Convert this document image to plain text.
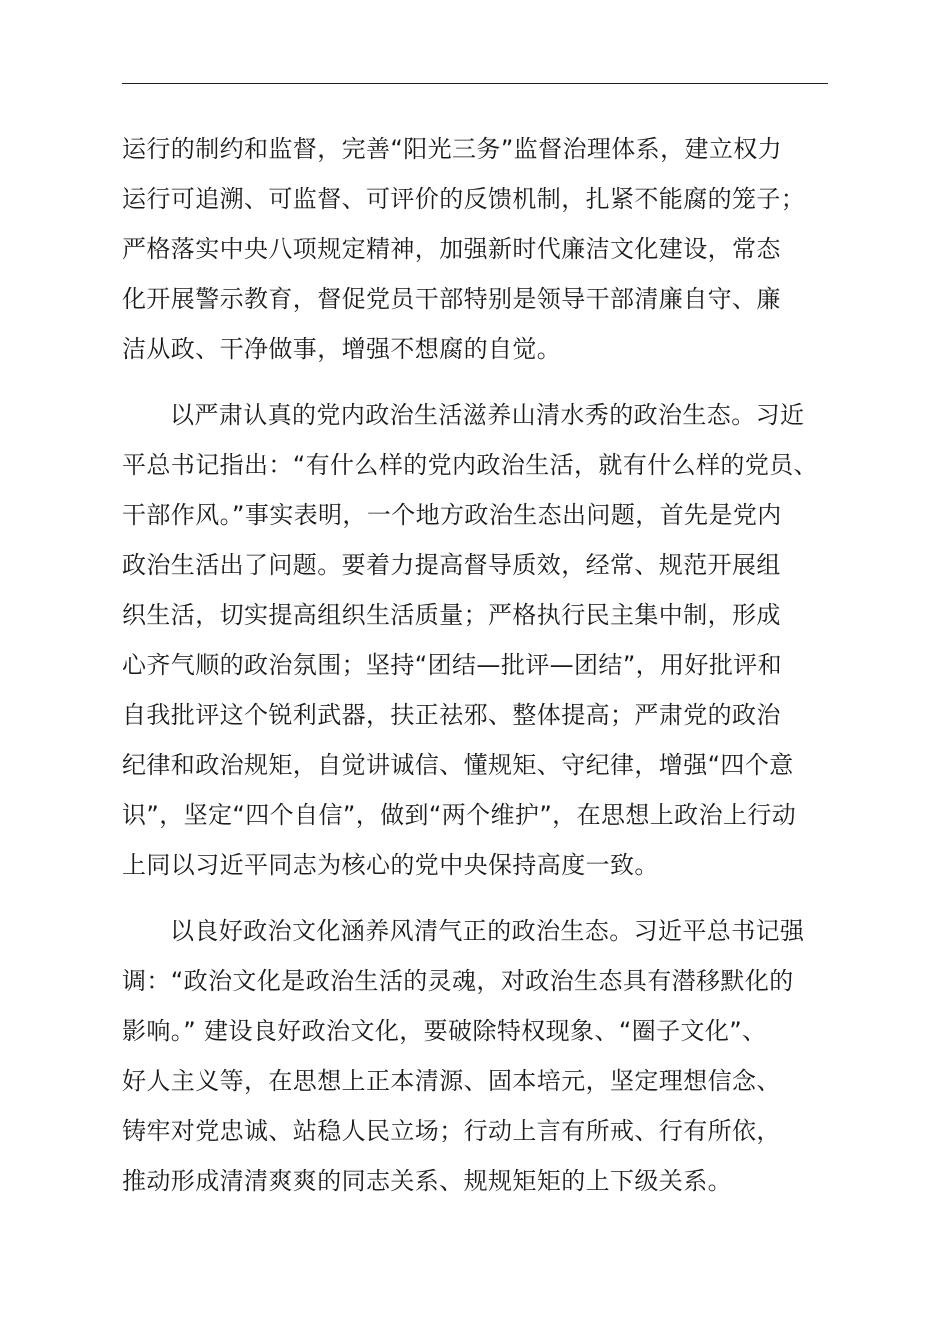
运行的制约和监督，完善“阳光三务”监督治理体系，建立权力
运行可追溯、可监督、可评价的反馈机制，扎紧不能腐的笼子；
严格落实中央八项规定精神，加强新时代廉洁文化建设，常态
化开展警示教育，督促党员干部特别是领导干部清廉自守、廉
洁从政、干净做事，增强不想腐的自觉。
以严肃认真的党内政治生活滋养山清水秀的政治生态。习近
平总书记指出：“有什么样的党内政治生活，就有什么样的党员、
干部作风。”事实表明，一个地方政治生态出问题，首先是党内
政治生活出了问题。要着力提高督导质效，经常、规范开展组
织生活，切实提高组织生活质量；严格执行民主集中制，形成
心齐气顺的政治氛围；坚持“团结—批评—团结”，用好批评和
自我批评这个锐利武器，扶正祛邪、整体提高；严肃党的政治
纪律和政治规矩，自觉讲诚信、懂规矩、守纪律，增强“四个意
识”，坚定“四个自信”，做到“两个维护”，在思想上政治上行动
上同以习近平同志为核心的党中央保持高度一致。
以良好政治文化涵养风清气正的政治生态。习近平总书记强
调：“政治文化是政治生活的灵魂，对政治生态具有潜移默化的
影响。” 建设良好政治文化，要破除特权现象、“圈子文化”、
好人主义等，在思想上正本清源、固本培元，坚定理想信念、
铸牢对党忠诚、站稳人民立场；行动上言有所戒、行有所依，
推动形成清清爽爽的同志关系、规规矩矩的上下级关系。
